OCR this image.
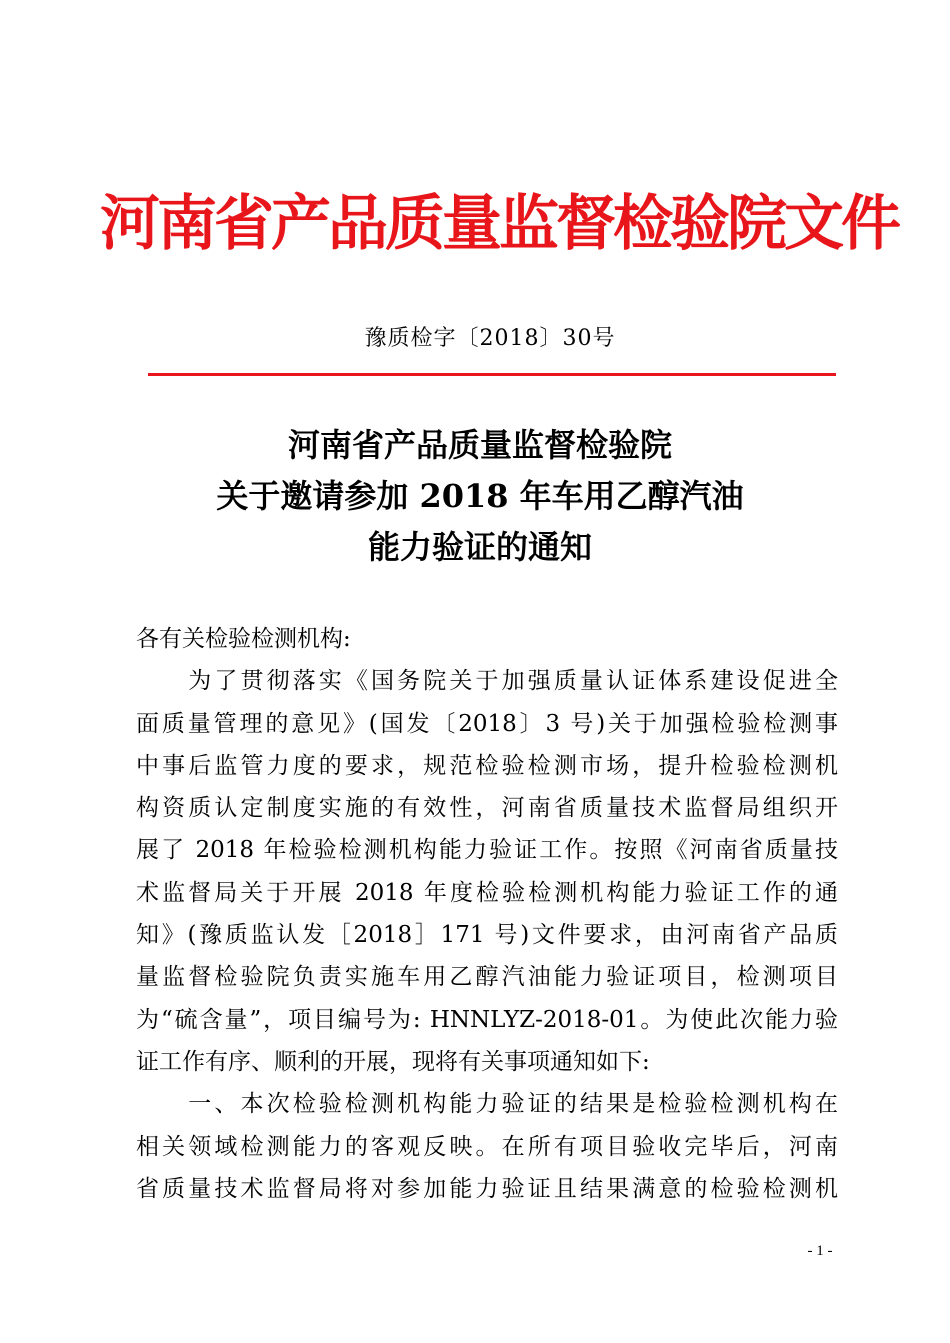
河南省产品质量监督检验院文件
豫质检字〔2018〕30号
河南省产品质量监督检验院
关于邀请参加 2018 年车用乙醇汽油
能力验证的通知
各有关检验检测机构:
　　为了贯彻落实《国务院关于加强质量认证体系建设促进全
面质量管理的意见》(国发〔2018〕3 号)关于加强检验检测事
中事后监管力度的要求，规范检验检测市场，提升检验检测机
构资质认定制度实施的有效性，河南省质量技术监督局组织开
展了 2018 年检验检测机构能力验证工作。按照《河南省质量技
术监督局关于开展 2018 年度检验检测机构能力验证工作的通
知》(豫质监认发［2018］171 号)文件要求，由河南省产品质
量监督检验院负责实施车用乙醇汽油能力验证项目，检测项目
为“硫含量”，项目编号为: HNNLYZ-2018-01。为使此次能力验
证工作有序、顺利的开展，现将有关事项通知如下:
　　一、本次检验检测机构能力验证的结果是检验检测机构在
相关领域检测能力的客观反映。在所有项目验收完毕后，河南
省质量技术监督局将对参加能力验证且结果满意的检验检测机
- 1 -
